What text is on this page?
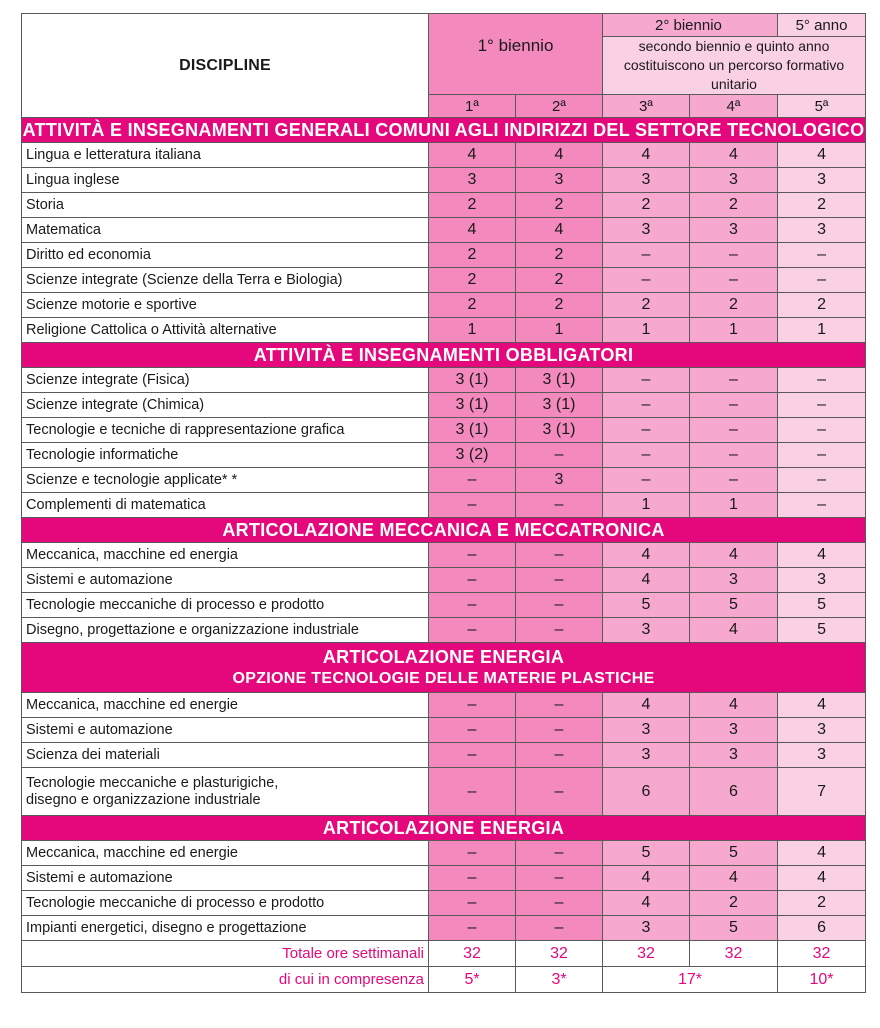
DISCIPLINE	1° biennio		2° biennio		5° anno
			secondo biennio e quinto anno costituiscono un percorso formativo unitario		
	1ª	2ª	3ª	4ª	5ª
ATTIVITÀ E INSEGNAMENTI GENERALI COMUNI AGLI INDIRIZZI DEL SETTORE TECNOLOGICO					
Lingua e letteratura italiana	4	4	4	4	4
Lingua inglese	3	3	3	3	3
Storia	2	2	2	2	2
Matematica	4	4	3	3	3
Diritto ed economia	2	2	–	–	–
Scienze integrate (Scienze della Terra e Biologia)	2	2	–	–	–
Scienze motorie e sportive	2	2	2	2	2
Religione Cattolica o Attività alternative	1	1	1	1	1
ATTIVITÀ E INSEGNAMENTI OBBLIGATORI					
Scienze integrate (Fisica)	3 (1)	3 (1)	–	–	–
Scienze integrate (Chimica)	3 (1)	3 (1)	–	–	–
Tecnologie e tecniche di rappresentazione grafica	3 (1)	3 (1)	–	–	–
Tecnologie informatiche	3 (2)	–	–	–	–
Scienze e tecnologie applicate* *	–	3	–	–	–
Complementi di matematica	–	–	1	1	–
ARTICOLAZIONE MECCANICA E MECCATRONICA					
Meccanica, macchine ed energia	–	–	4	4	4
Sistemi e automazione	–	–	4	3	3
Tecnologie meccaniche di processo e prodotto	–	–	5	5	5
Disegno, progettazione e organizzazione industriale	–	–	3	4	5

ARTICOLAZIONE ENERGIA
OPZIONE TECNOLOGIE DELLE MATERIE PLASTICHE					

Meccanica, macchine ed energie	–	–	4	4	4
Sistemi e automazione	–	–	3	3	3
Scienza dei materiali	–	–	3	3	3

Tecnologie meccaniche e plasturigiche,
disegno e organizzazione industriale	–	–	6	6	7
ARTICOLAZIONE ENERGIA					
Meccanica, macchine ed energie	–	–	5	5	4
Sistemi e automazione	–	–	4	4	4
Tecnologie meccaniche di processo e prodotto	–	–	4	2	2
Impianti energetici, disegno e progettazione	–	–	3	5	6
Totale ore settimanali	32	32	32	32	32
di cui in compresenza	5*	3*	17*		10*
